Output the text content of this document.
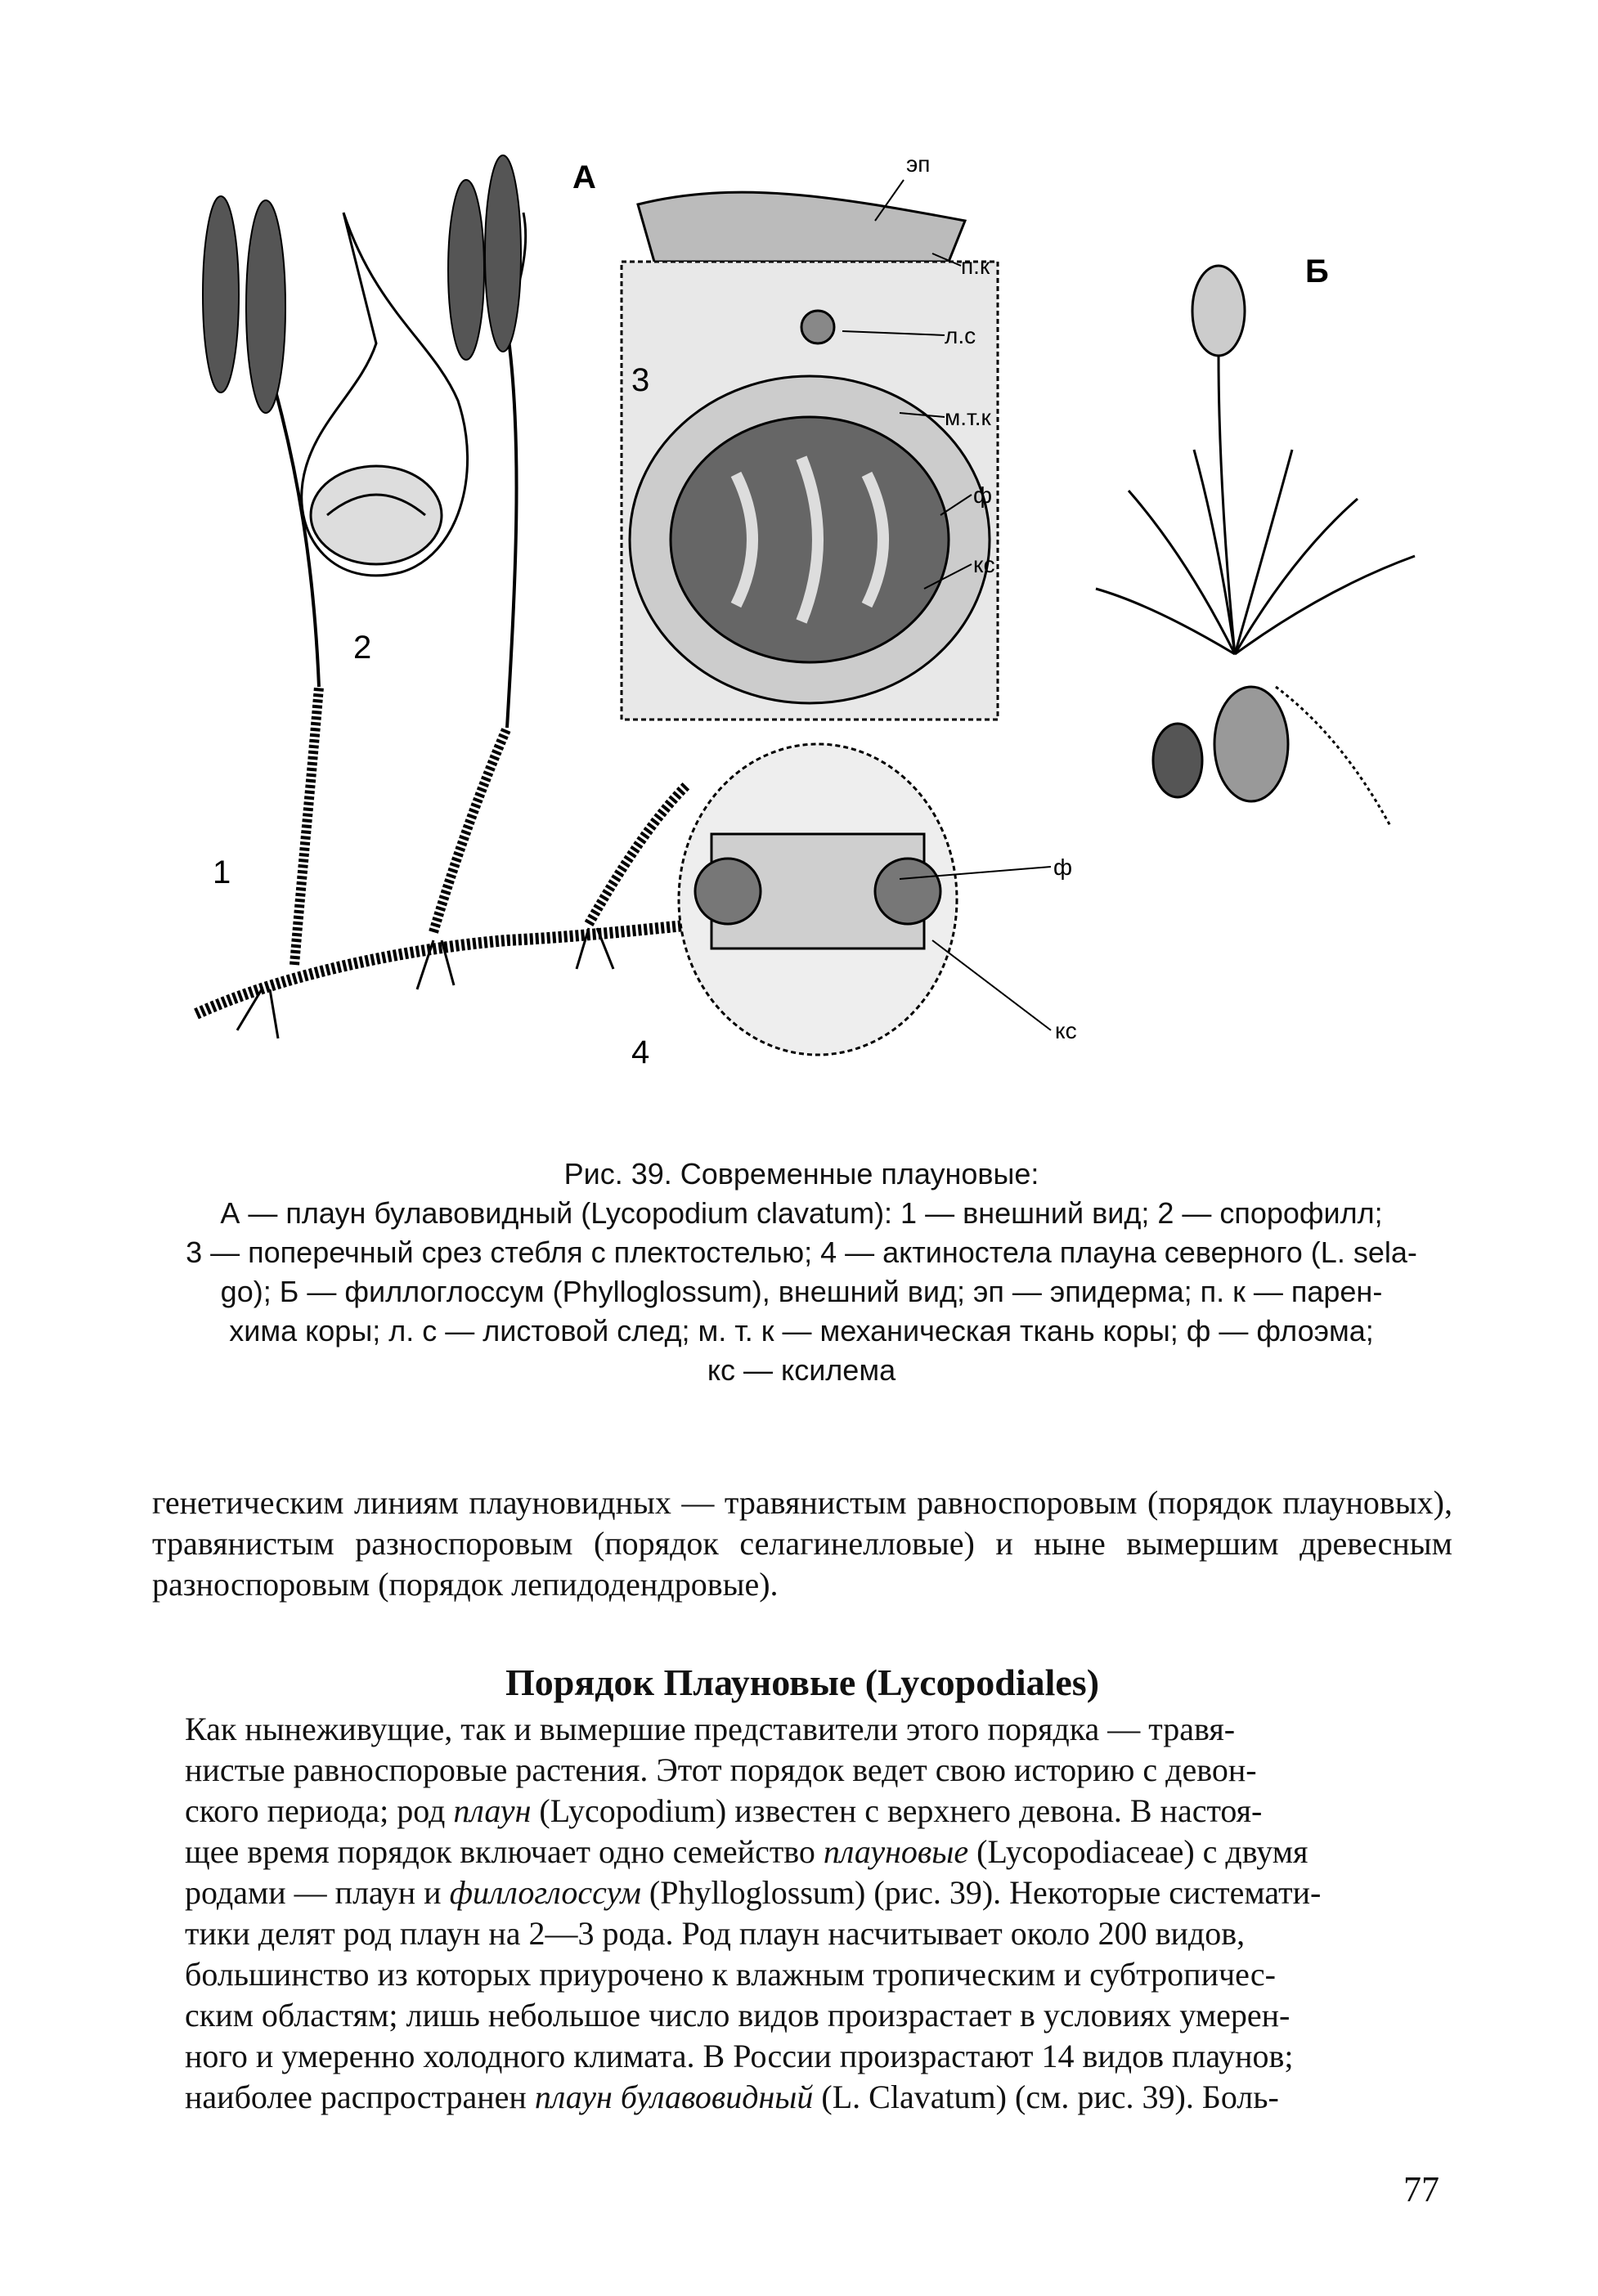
2
1
А
3
эп
п.к
л.с
м.т.к
ф
кс
4
ф
кс
Б

Рис. 39. Современные плауновые:

А — плаун булавовидный (Lycopodium clavatum): 1 — внешний вид; 2 — спорофилл;

3 — поперечный срез стебля с плектостелью; 4 — актиностела плауна северного (L. sela-

go); Б — филлоглоссум (Phylloglossum), внешний вид; эп — эпидерма; п. к — парен-

хима коры; л. с — листовой след; м. т. к — механическая ткань коры; ф — флоэма;

кс — ксилема

генетическим линиям плауновидных — травянистым равноспоровым (порядок плауновых), травянистым разноспоровым (порядок селагинелловые) и ныне вымершим древесным разноспоровым (порядок лепидодендровые).

Порядок Плауновые (Lycopodiales)
Как нынеживущие, так и вымершие представители этого порядка — травя-
нистые равноспоровые растения. Этот порядок ведет свою историю с девон-
ского периода; род плаун (Lycopodium) известен с верхнего девона. В настоя-
щее время порядок включает одно семейство плауновые (Lycopodiaceae) с двумя
родами — плаун и филлоглоссум (Phylloglossum) (рис. 39). Некоторые системати-
тики делят род плаун на 2—3 рода. Род плаун насчитывает около 200 видов,
большинство из которых приурочено к влажным тропическим и субтропичес-
ским областям; лишь небольшое число видов произрастает в условиях умерен-
ного и умеренно холодного климата. В России произрастают 14 видов плаунов;
наиболее распространен плаун булавовидный (L. Clavatum) (см. рис. 39). Боль-
77
